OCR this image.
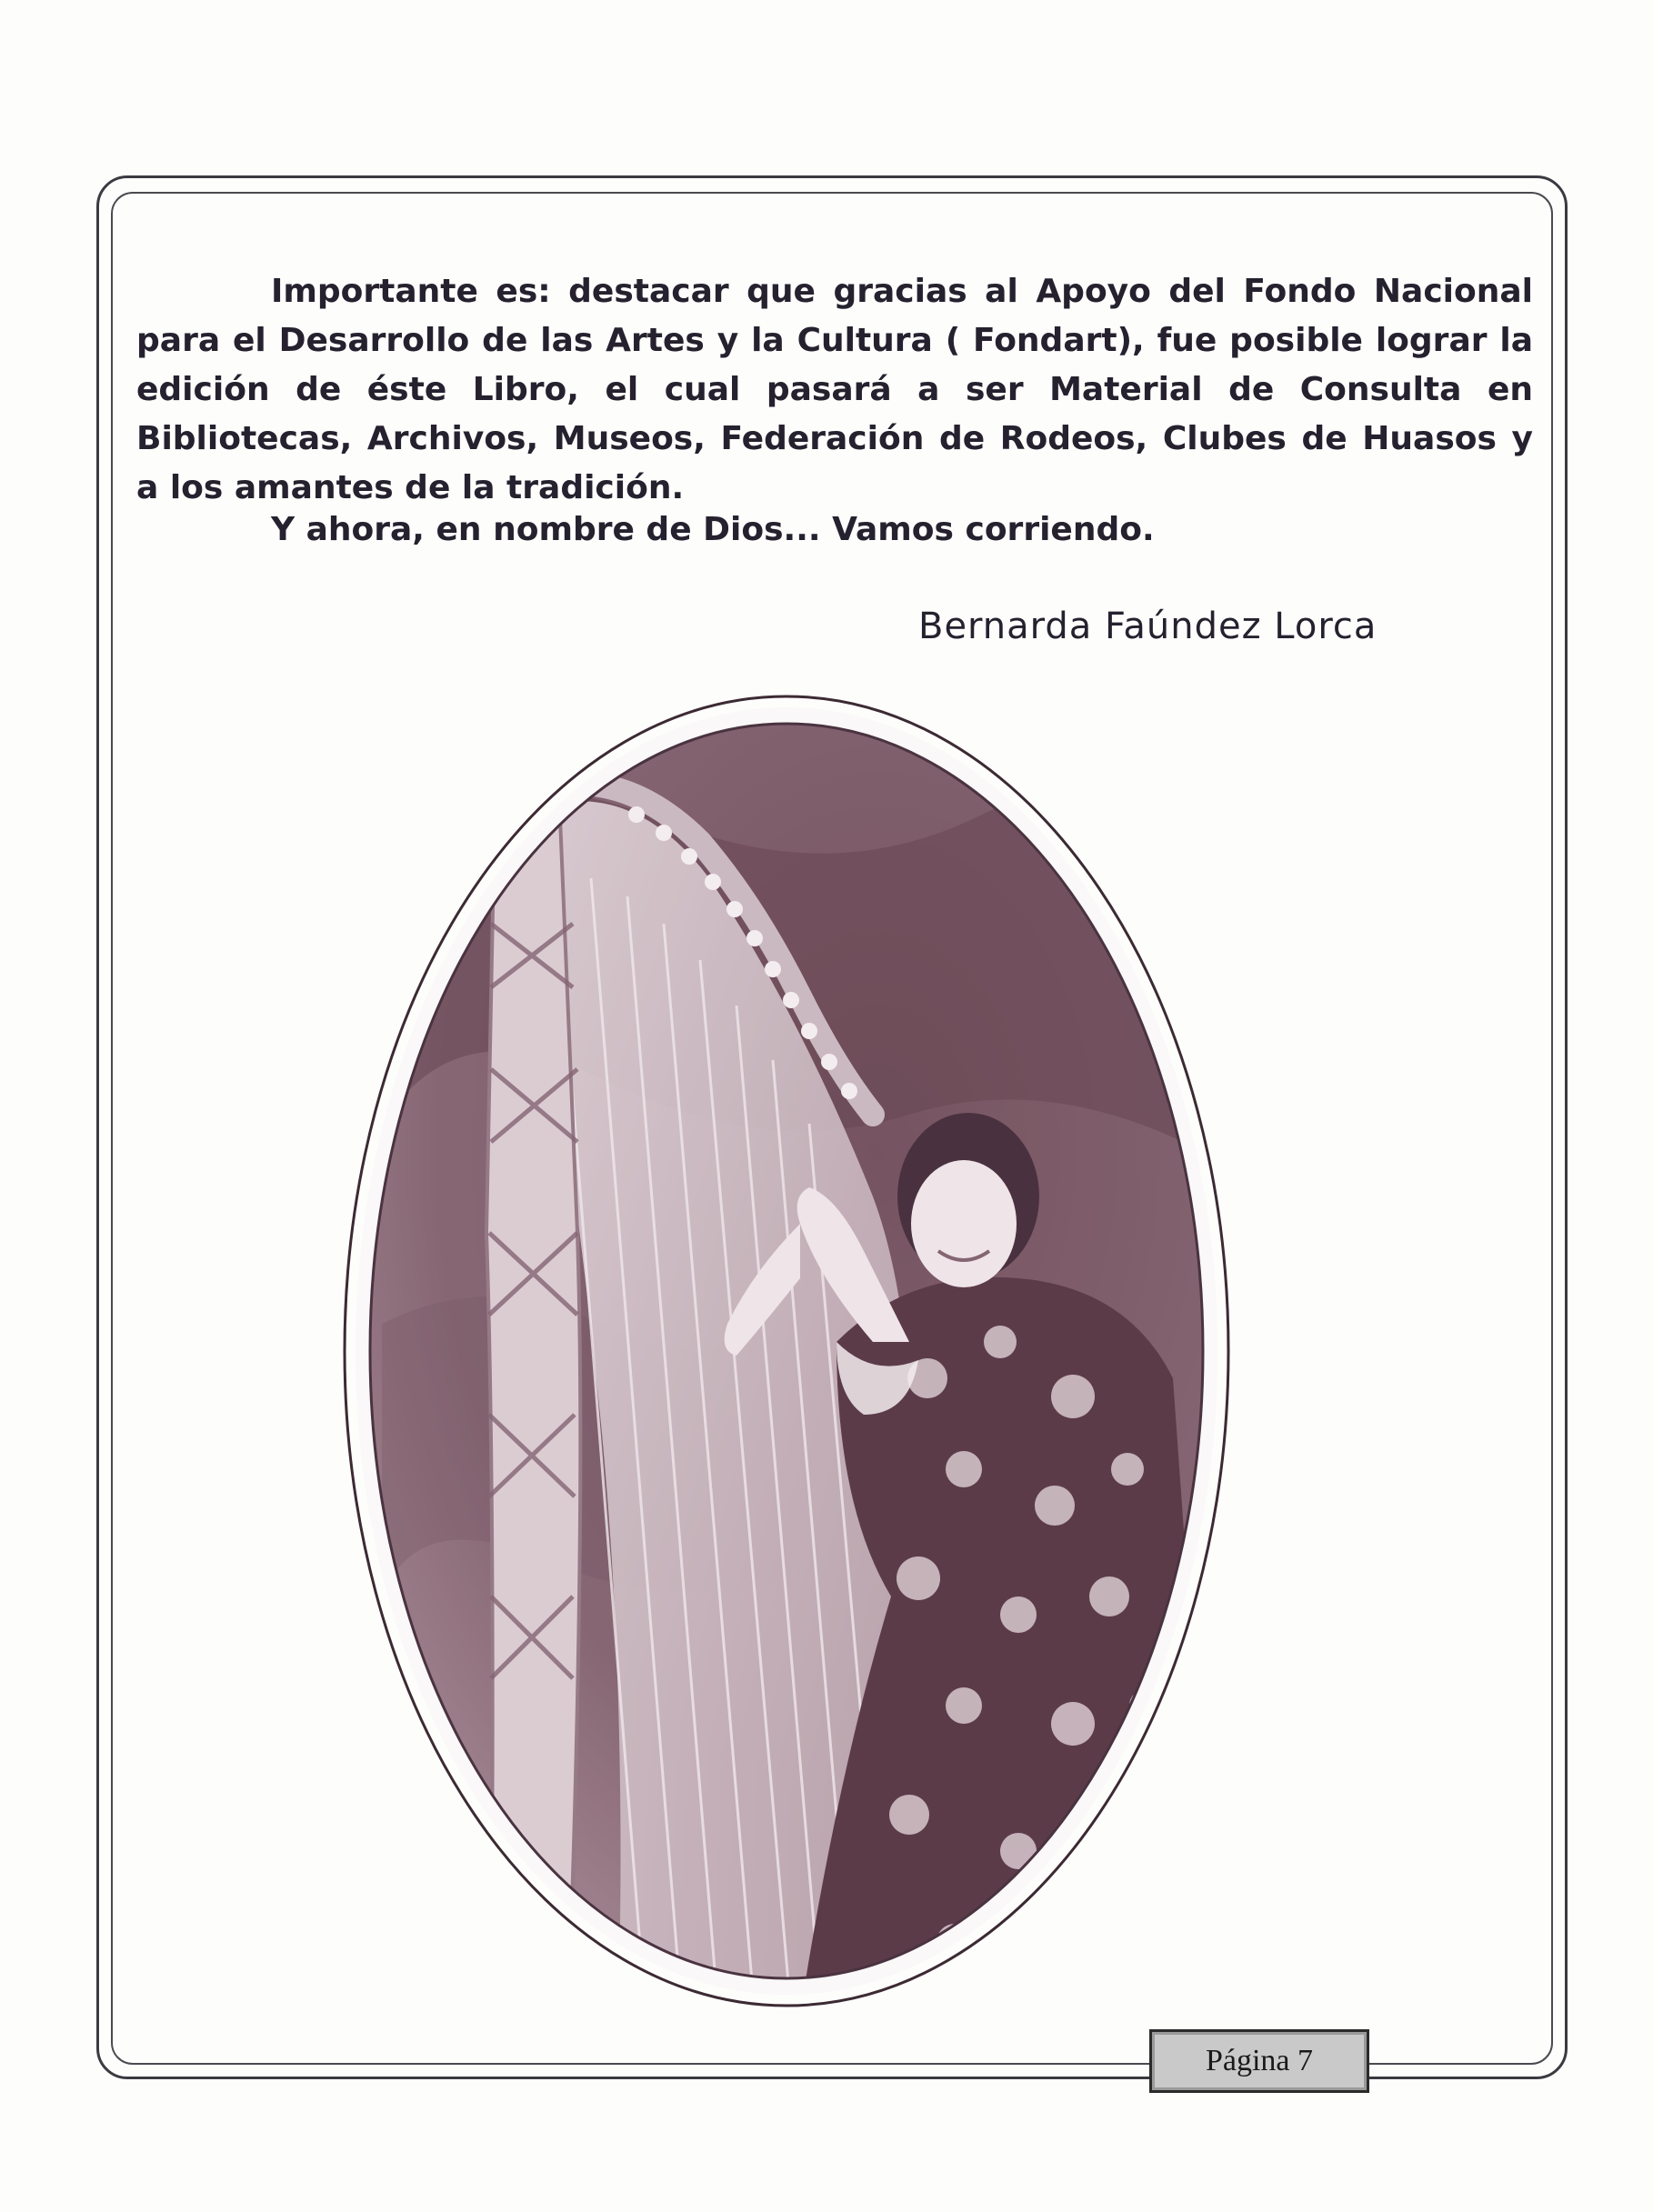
Importante es: destacar que gracias al Apoyo del Fondo Nacional para el Desarrollo de las Artes y la Cultura ( Fondart), fue posible lograr la edición de éste Libro, el cual pasará a ser Material de Consulta en Bibliotecas, Archivos, Museos, Federación de Rodeos, Clubes de Huasos y a los amantes de la tradición.

Y ahora, en nombre de Dios... Vamos corriendo.

Bernarda Faúndez Lorca

Página 7
